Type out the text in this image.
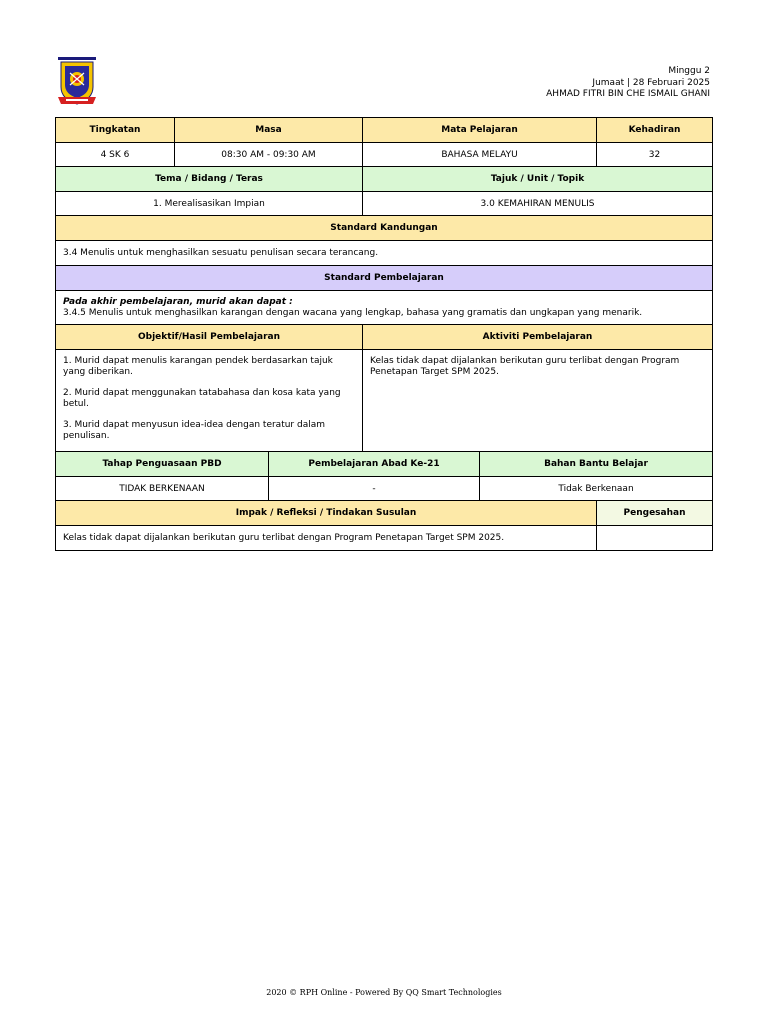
Minggu 2
Jumaat | 28 Februari 2025
AHMAD FITRI BIN CHE ISMAIL GHANI
Tingkatan	Masa		Mata Pelajaran		Kehadiran
4 SK 6	08:30 AM - 09:30 AM		BAHASA MELAYU		32
Tema / Bidang / Teras			Tajuk / Unit / Topik		
1. Merealisasikan Impian			3.0 KEMAHIRAN MENULIS		
Standard Kandungan					
3.4 Menulis untuk menghasilkan sesuatu penulisan secara terancang.					
Standard Pembelajaran					

Pada akhir pembelajaran, murid akan dapat :
3.4.5 Menulis untuk menghasilkan karangan dengan wacana yang lengkap, bahasa yang gramatis dan ungkapan yang menarik.					

Objektif/Hasil Pembelajaran			Aktiviti Pembelajaran		

1. Murid dapat menulis karangan pendek berdasarkan tajuk yang diberikan.

2. Murid dapat menggunakan tatabahasa dan kosa kata yang betul.

3. Murid dapat menyusun idea-idea dengan teratur dalam penulisan.			Kelas tidak dapat dijalankan berikutan guru terlibat dengan Program Penetapan Target SPM 2025.		
Tahap Penguasaan PBD		Pembelajaran Abad Ke-21		Bahan Bantu Belajar	
TIDAK BERKENAAN		-		Tidak Berkenaan	
Impak / Refleksi / Tindakan Susulan					Pengesahan
Kelas tidak dapat dijalankan berikutan guru terlibat dengan Program Penetapan Target SPM 2025.					
2020 © RPH Online - Powered By QQ Smart Technologies
